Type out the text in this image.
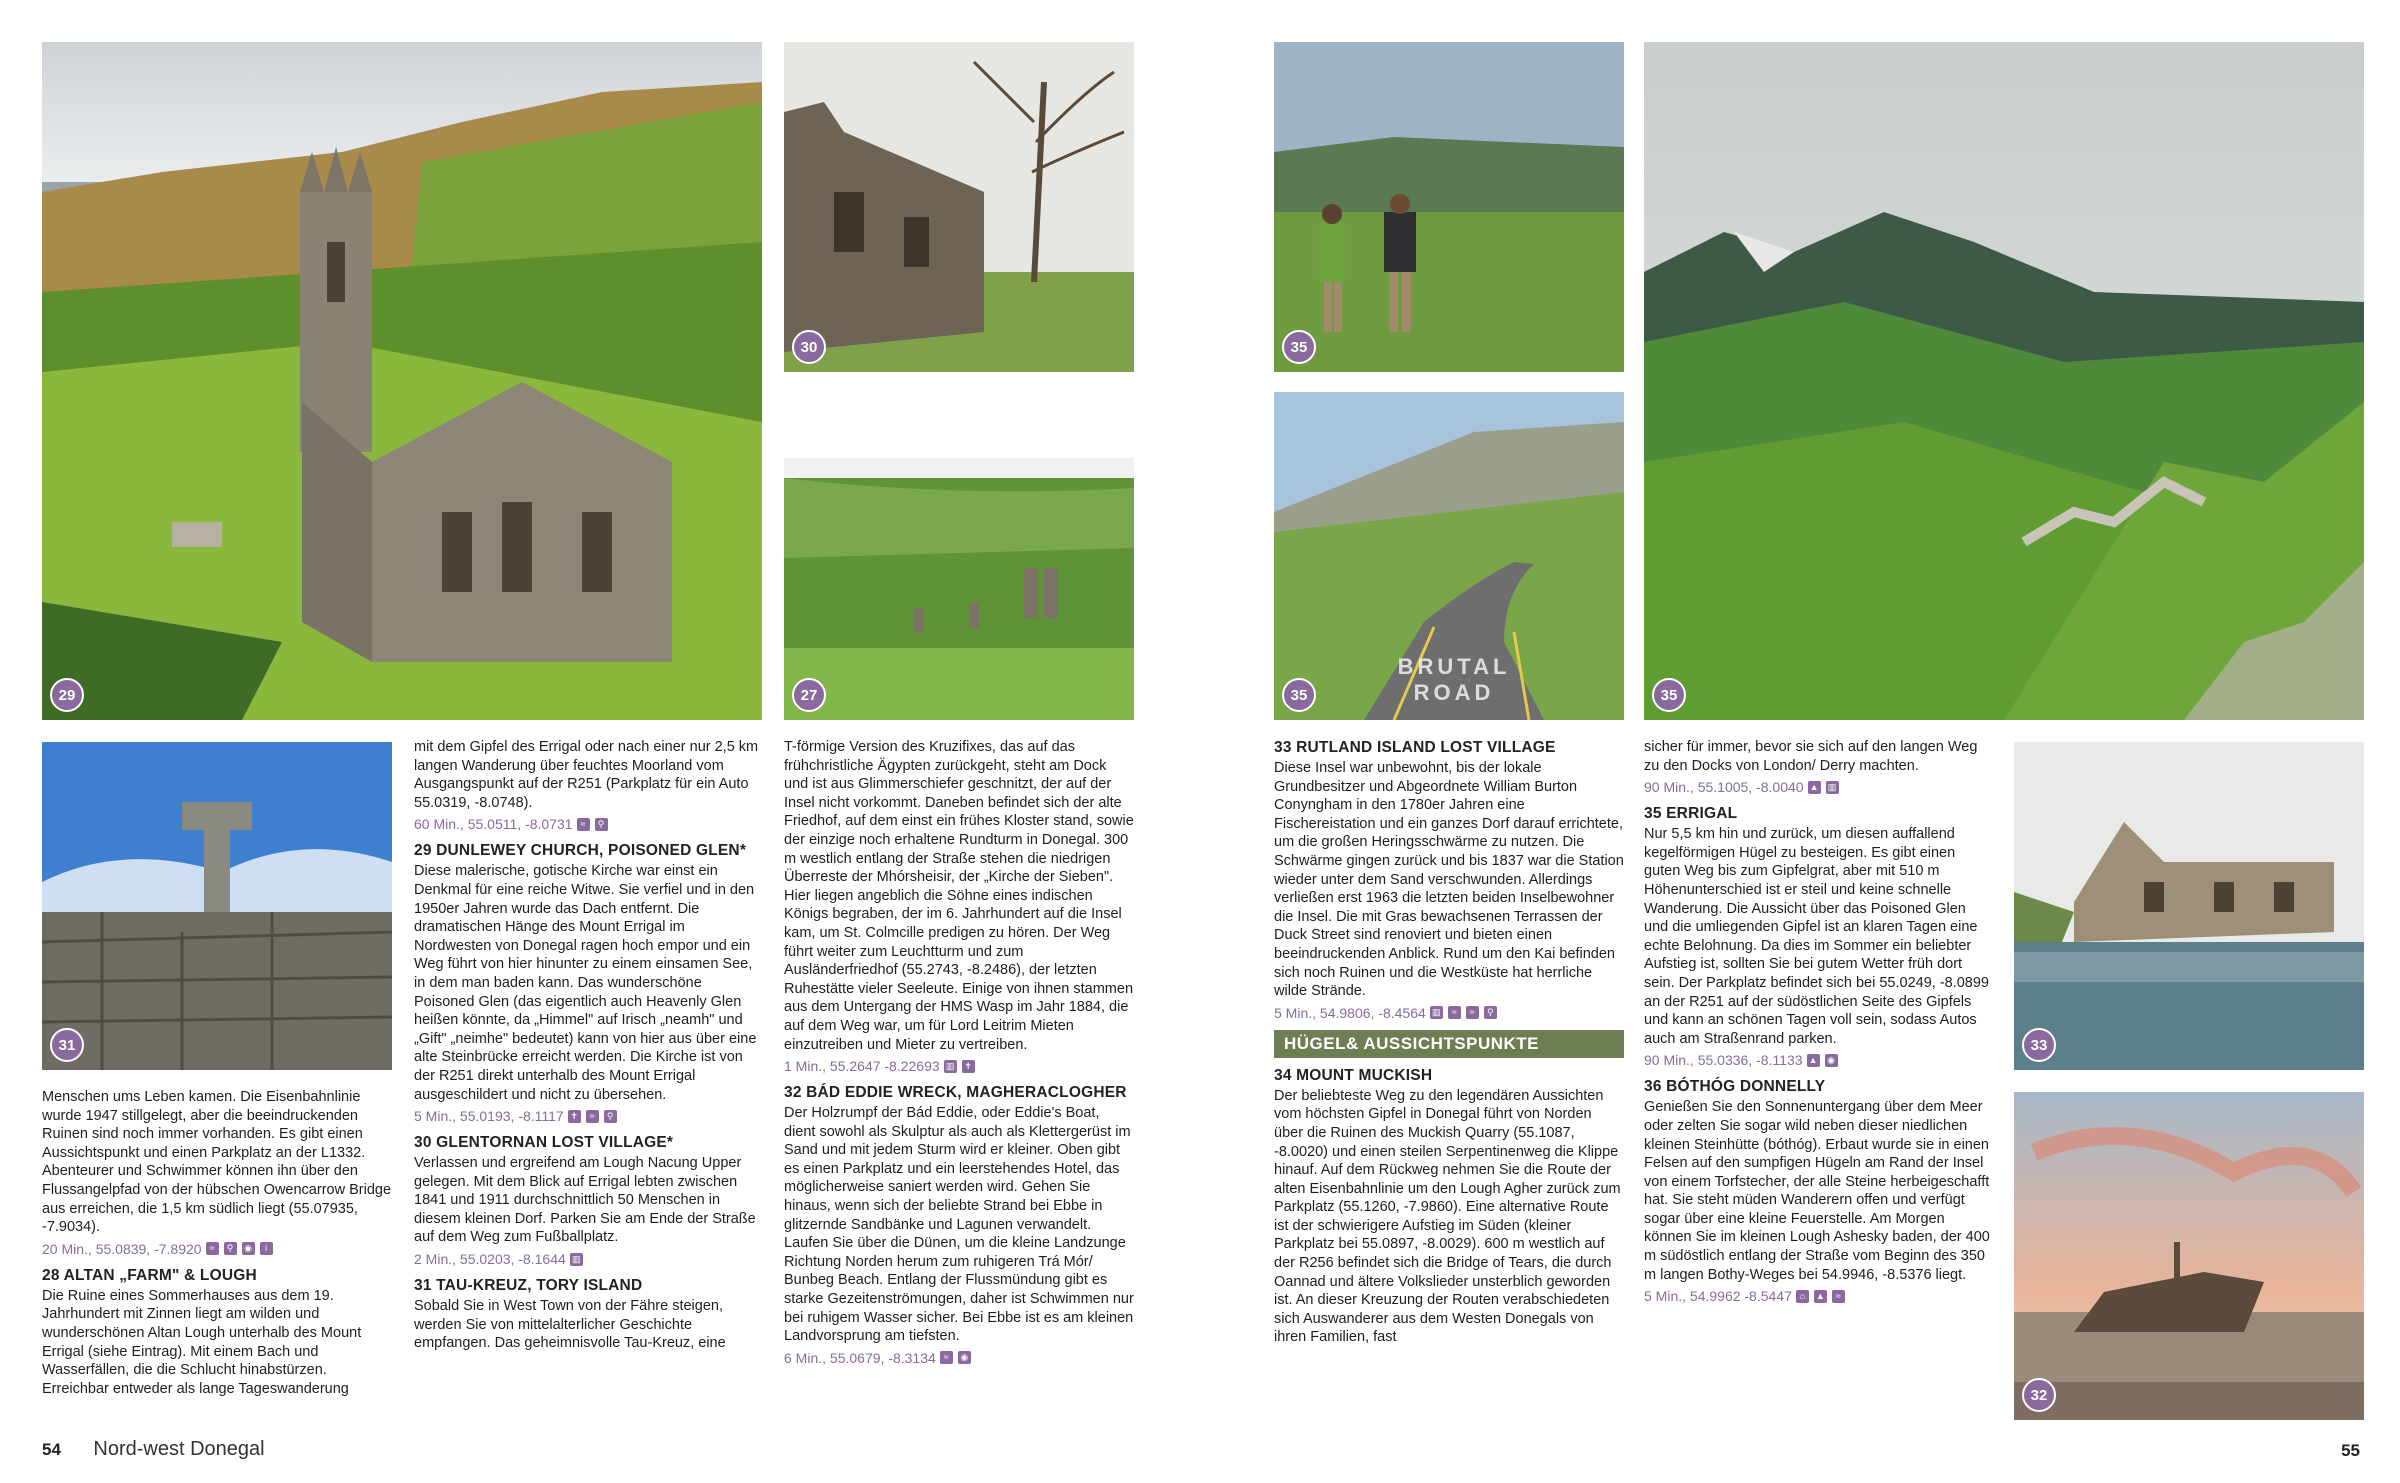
29
30
27
35
BRUTAL ROAD
35	35
31	33
32

Menschen ums Leben kamen. Die Eisenbahnlinie wurde 1947 stillgelegt, aber die beeindruckenden Ruinen sind noch immer vorhanden. Es gibt einen Aussichtspunkt und einen Parkplatz an der L1332. Abenteurer und Schwimmer können ihn über den Flussangelpfad von der hübschen Owencarrow Bridge aus erreichen, die 1,5 km südlich liegt (55.07935, -7.9034).

20 Min., 55.0839, -7.8920 ≈	⚲	◉	i
28 ALTAN „FARM" & LOUGH

Die Ruine eines Sommerhauses aus dem 19. Jahrhundert mit Zinnen liegt am wilden und wunderschönen Altan Lough unterhalb des Mount Errigal (siehe Eintrag). Mit einem Bach und Wasserfällen, die die Schlucht hinabstürzen. Erreichbar entweder als lange Tageswanderung

mit dem Gipfel des Errigal oder nach einer nur 2,5 km langen Wanderung über feuchtes Moorland vom Ausgangspunkt auf der R251 (Parkplatz für ein Auto 55.0319, -8.0748).

60 Min., 55.0511, -8.0731 ≈	⚲
29 DUNLEWEY CHURCH, POISONED GLEN*

Diese malerische, gotische Kirche war einst ein Denkmal für eine reiche Witwe. Sie verfiel und in den 1950er Jahren wurde das Dach entfernt. Die dramatischen Hänge des Mount Errigal im Nordwesten von Donegal ragen hoch empor und ein Weg führt von hier hinunter zu einem einsamen See, in dem man baden kann. Das wunderschöne Poisoned Glen (das eigentlich auch Heavenly Glen heißen könnte, da „Himmel" auf Irisch „neamh" und „Gift" „neimhe" bedeutet) kann von hier aus über eine alte Steinbrücke erreicht werden. Die Kirche ist von der R251 direkt unterhalb des Mount Errigal ausgeschildert und nicht zu übersehen.

5 Min., 55.0193, -8.1117 ✝	≈	⚲
30 GLENTORNAN LOST VILLAGE*

Verlassen und ergreifend am Lough Nacung Upper gelegen. Mit dem Blick auf Errigal lebten zwischen 1841 und 1911 durchschnittlich 50 Menschen in diesem kleinen Dorf. Parken Sie am Ende der Straße auf dem Weg zum Fußballplatz.

2 Min., 55.0203, -8.1644 ▥
31 TAU-KREUZ, TORY ISLAND

Sobald Sie in West Town von der Fähre steigen, werden Sie von mittelalterlicher Geschichte empfangen. Das geheimnisvolle Tau-Kreuz, eine

T-förmige Version des Kruzifixes, das auf das frühchristliche Ägypten zurückgeht, steht am Dock und ist aus Glimmerschiefer geschnitzt, der auf der Insel nicht vorkommt. Daneben befindet sich der alte Friedhof, auf dem einst ein frühes Kloster stand, sowie der einzige noch erhaltene Rundturm in Donegal. 300 m westlich entlang der Straße stehen die niedrigen Überreste der Mhórsheisir, der „Kirche der Sieben". Hier liegen angeblich die Söhne eines indischen Königs begraben, der im 6. Jahrhundert auf die Insel kam, um St. Colmcille predigen zu hören. Der Weg führt weiter zum Leuchtturm und zum Ausländerfriedhof (55.2743, -8.2486), der letzten Ruhestätte vieler Seeleute. Einige von ihnen stammen aus dem Untergang der HMS Wasp im Jahr 1884, die auf dem Weg war, um für Lord Leitrim Mieten einzutreiben und Mieter zu vertreiben.

1 Min., 55.2647 -8.22693 ▥	✝
32 BÁD EDDIE WRECK, MAGHERACLOGHER

Der Holzrumpf der Bád Eddie, oder Eddie's Boat, dient sowohl als Skulptur als auch als Klettergerüst im Sand und mit jedem Sturm wird er kleiner. Oben gibt es einen Parkplatz und ein leerstehendes Hotel, das möglicherweise saniert werden wird. Gehen Sie hinaus, wenn sich der beliebte Strand bei Ebbe in glitzernde Sandbänke und Lagunen verwandelt. Laufen Sie über die Dünen, um die kleine Landzunge Richtung Norden herum zum ruhigeren Trá Mór/ Bunbeg Beach. Entlang der Flussmündung gibt es starke Gezeitenströmungen, daher ist Schwimmen nur bei ruhigem Wasser sicher. Bei Ebbe ist es am kleinen Landvorsprung am tiefsten.

6 Min., 55.0679, -8.3134 ≈	◉
33 RUTLAND ISLAND LOST VILLAGE

Diese Insel war unbewohnt, bis der lokale Grundbesitzer und Abgeordnete William Burton Conyngham in den 1780er Jahren eine Fischereistation und ein ganzes Dorf darauf errichtete, um die großen Heringsschwärme zu nutzen. Die Schwärme gingen zurück und bis 1837 war die Station wieder unter dem Sand verschwunden. Allerdings verließen erst 1963 die letzten beiden Inselbewohner die Insel. Die mit Gras bewachsenen Terrassen der Duck Street sind renoviert und bieten einen beeindruckenden Anblick. Rund um den Kai befinden sich noch Ruinen und die Westküste hat herrliche wilde Strände.

5 Min., 54.9806, -8.4564 ▥	≈	≈	⚲
HÜGEL& AUSSICHTSPUNKTE
34 MOUNT MUCKISH

Der beliebteste Weg zu den legendären Aussichten vom höchsten Gipfel in Donegal führt von Norden über die Ruinen des Muckish Quarry (55.1087, -8.0020) und einen steilen Serpentinenweg die Klippe hinauf. Auf dem Rückweg nehmen Sie die Route der alten Eisenbahnlinie um den Lough Agher zurück zum Parkplatz (55.1260, -7.9860). Eine alternative Route ist der schwierigere Aufstieg im Süden (kleiner Parkplatz bei 55.0897, -8.0029). 600 m westlich auf der R256 befindet sich die Bridge of Tears, die durch Oannad und ältere Volkslieder unsterblich geworden ist. An dieser Kreuzung der Routen verabschiedeten sich Auswanderer aus dem Westen Donegals von ihren Familien, fast

sicher für immer, bevor sie sich auf den langen Weg zu den Docks von London/ Derry machten.

90 Min., 55.1005, -8.0040 ▲ ▥
35 ERRIGAL

Nur 5,5 km hin und zurück, um diesen auffallend kegelförmigen Hügel zu besteigen. Es gibt einen guten Weg bis zum Gipfelgrat, aber mit 510 m Höhenunterschied ist er steil und keine schnelle Wanderung. Die Aussicht über das Poisoned Glen und die umliegenden Gipfel ist an klaren Tagen eine echte Belohnung. Da dies im Sommer ein beliebter Aufstieg ist, sollten Sie bei gutem Wetter früh dort sein. Der Parkplatz befindet sich bei 55.0249, -8.0899 an der R251 auf der südöstlichen Seite des Gipfels und kann an schönen Tagen voll sein, sodass Autos auch am Straßenrand parken.

90 Min., 55.0336, -8.1133 ▲ ◉
36 BÓTHÓG DONNELLY

Genießen Sie den Sonnenuntergang über dem Meer oder zelten Sie sogar wild neben dieser niedlichen kleinen Steinhütte (bóthóg). Erbaut wurde sie in einen Felsen auf den sumpfigen Hügeln am Rand der Insel von einem Torfstecher, der alle Steine herbeigeschafft hat. Sie steht müden Wanderern offen und verfügt sogar über eine kleine Feuerstelle. Am Morgen können Sie im kleinen Lough Ashesky baden, der 400 m südöstlich entlang der Straße vom Beginn des 350 m langen Bothy-Weges bei 54.9946, -8.5376 liegt.

5 Min., 54.9962 -8.5447 ⌂	▲	≈
54 Nord-west Donegal	55
